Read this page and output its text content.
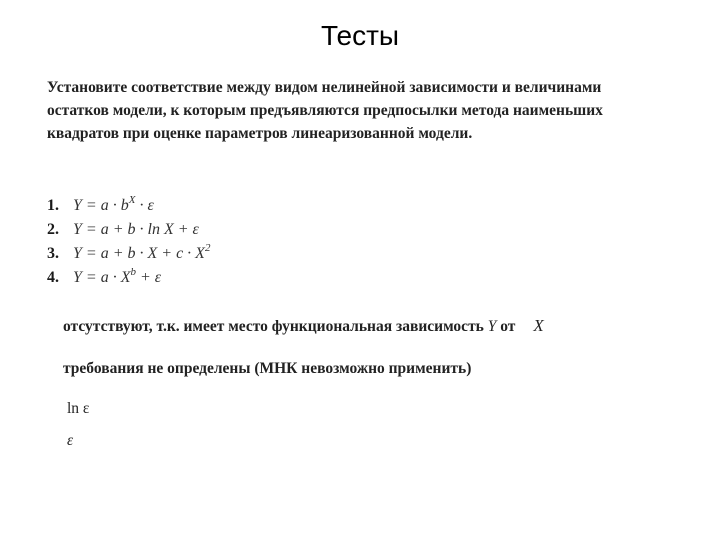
Тесты
Установите соответствие между видом нелинейной зависимости и величинами остатков модели, к которым предъявляются предпосылки метода наименьших квадратов при оценке параметров линеаризованной модели.
1. $Y = a \cdot b^X \cdot \varepsilon$
2. Y = a + b · ln X + ε
3. $Y = a + b \cdot X + c \cdot X^2$
4. $Y = a \cdot X^b + \varepsilon$
отсутствуют, т.к. имеет место функциональная зависимость Y от X
требования не определены (МНК невозможно применить)
ln ε
ε
